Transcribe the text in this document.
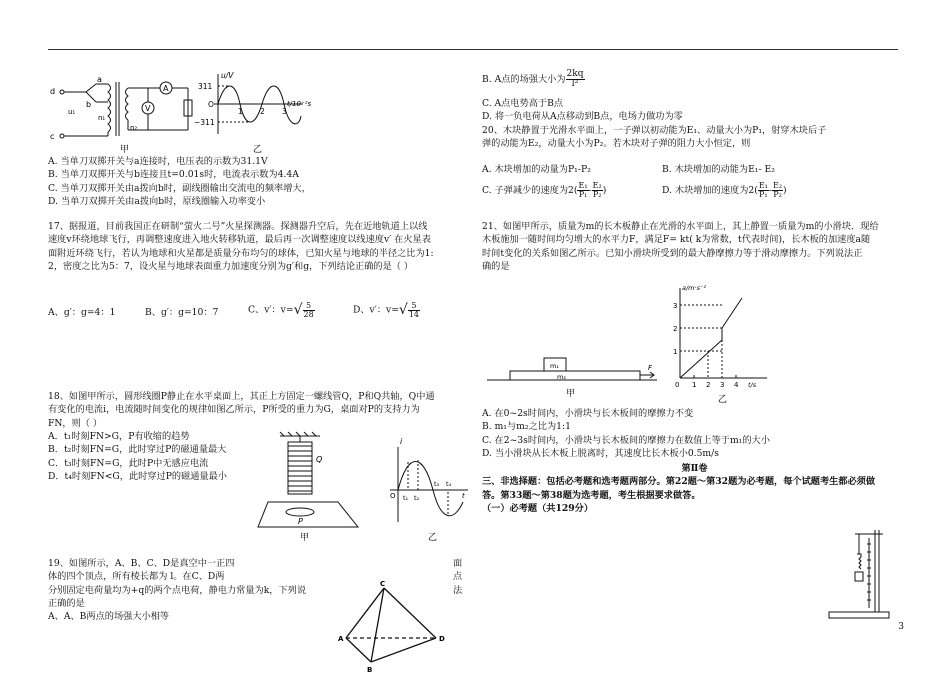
d
c
a
b
u₁
n₁
n₂
A
V
甲
u/V
311
−311
O
1 2 3
t/10⁻²s
乙

A. 当单刀双掷开关与a连接时，电压表的示数为31.1V

B. 当单刀双掷开关与b连接且t=0.01s时，电流表示数为4.4A

C. 当单刀双掷开关由a拨向b时，副线圈输出交流电的频率增大，

D. 当单刀双掷开关由a拨向b时，原线圈输入功率变小

17、据报道，目前我国正在研制“萤火二号”火星探测器。探测器升空后，先在近地轨道上以线

速度v环绕地球飞行，再调整速度进入地火转移轨道，最后再一次调整速度以线速度v′ 在火星表

面附近环绕飞行，若认为地球和火星都是质量分布均匀的球体，已知火星与地球的半径之比为1:

2，密度之比为5：7，设火星与地球表面重力加速度分别为g′和g，下列结论正确的是（ ）

A、g′：g=4：1	B、g′：g=10：7	C、v′：$v=√ \frac{5}{28}$	D、v′：$v=√ \frac{5}{14}$

18、如图甲所示，圆形线圈P静止在水平桌面上，其正上方固定一螺线管Q，P和Q共轴，Q中通

有变化的电流i，电流随时间变化的规律如图乙所示，P所受的重力为G，桌面对P的支持力为

FN，则（ ）

A．t₁时刻FN>G，P有收缩的趋势

B．t₂时刻FN=G，此时穿过P的磁通量最大

C．t₃时刻FN=G，此时P中无感应电流

D．t₄时刻FN<G，此时穿过P的磁通量最小

Q
P
i
O	t
t₁ t₂
t₃ t₄
甲	乙

19、如图所示，A、B、C、D是真空中一正四

体的四个顶点，所有棱长都为 l。在C、D两

分别固定电荷量均为+q的两个点电荷，静电力常量为k，下列说

正确的是

A、A、B两点的场强大小相等

面
点
法
C
A	D
B
B. A点的场强大小为 $\frac{2kq}{\text{l²}}$

C. A点电势高于B点

D. 将一负电荷从A点移动到B点，电场力做功为零

20、木块静置于光滑水平面上，一子弹以初动能为E₁、动量大小为P₁，射穿木块后子

弹的动能为E₂，动量大小为P₂。若木块对子弹的阻力大小恒定，则

A. 木块增加的动量为P₁-P₂	B. 木块增加的动能为E₁- E₂
C. 子弹减少的速度为$2( \frac{\text{E₁}}{\text{P₁}} - \frac{\text{E₂}}{\text{P₂}}$ )	D. 木块增加的速度为$2( \frac{\text{E₁}}{\text{P₁}} - \frac{\text{E₂}}{\text{P₂}}$ )

21、如图甲所示，质量为m的长木板静止在光滑的水平面上，其上静置一质量为m的小滑块．现给

木板施加一随时间均匀增大的水平力F，满足F= kt( k为常数，t代表时间)，长木板的加速度a随

时间t变化的关系如图乙所示。已知小滑块所受到的最大静摩擦力等于滑动摩擦力。下列说法正

确的是

m₁
m₂
F
甲
a/m·s⁻²
3
2
1
0 1 2 3 4 t/s
乙

A. 在0~2s时间内，小滑块与长木板间的摩擦力不变

B. m₁与m₂之比为1:1

C. 在2~3s时间内，小滑块与长木板间的摩擦力在数值上等于m₁的大小

D. 当小滑块从长木板上脱离时，其速度比长木板小0.5m/s

第Ⅱ卷

三、非选择题：包括必考题和选考题两部分。第22题～第32题为必考题，每个试题考生都必须做

答。第33题～第38题为选考题，考生根据要求做答。

（一）必考题（共129分）

3
